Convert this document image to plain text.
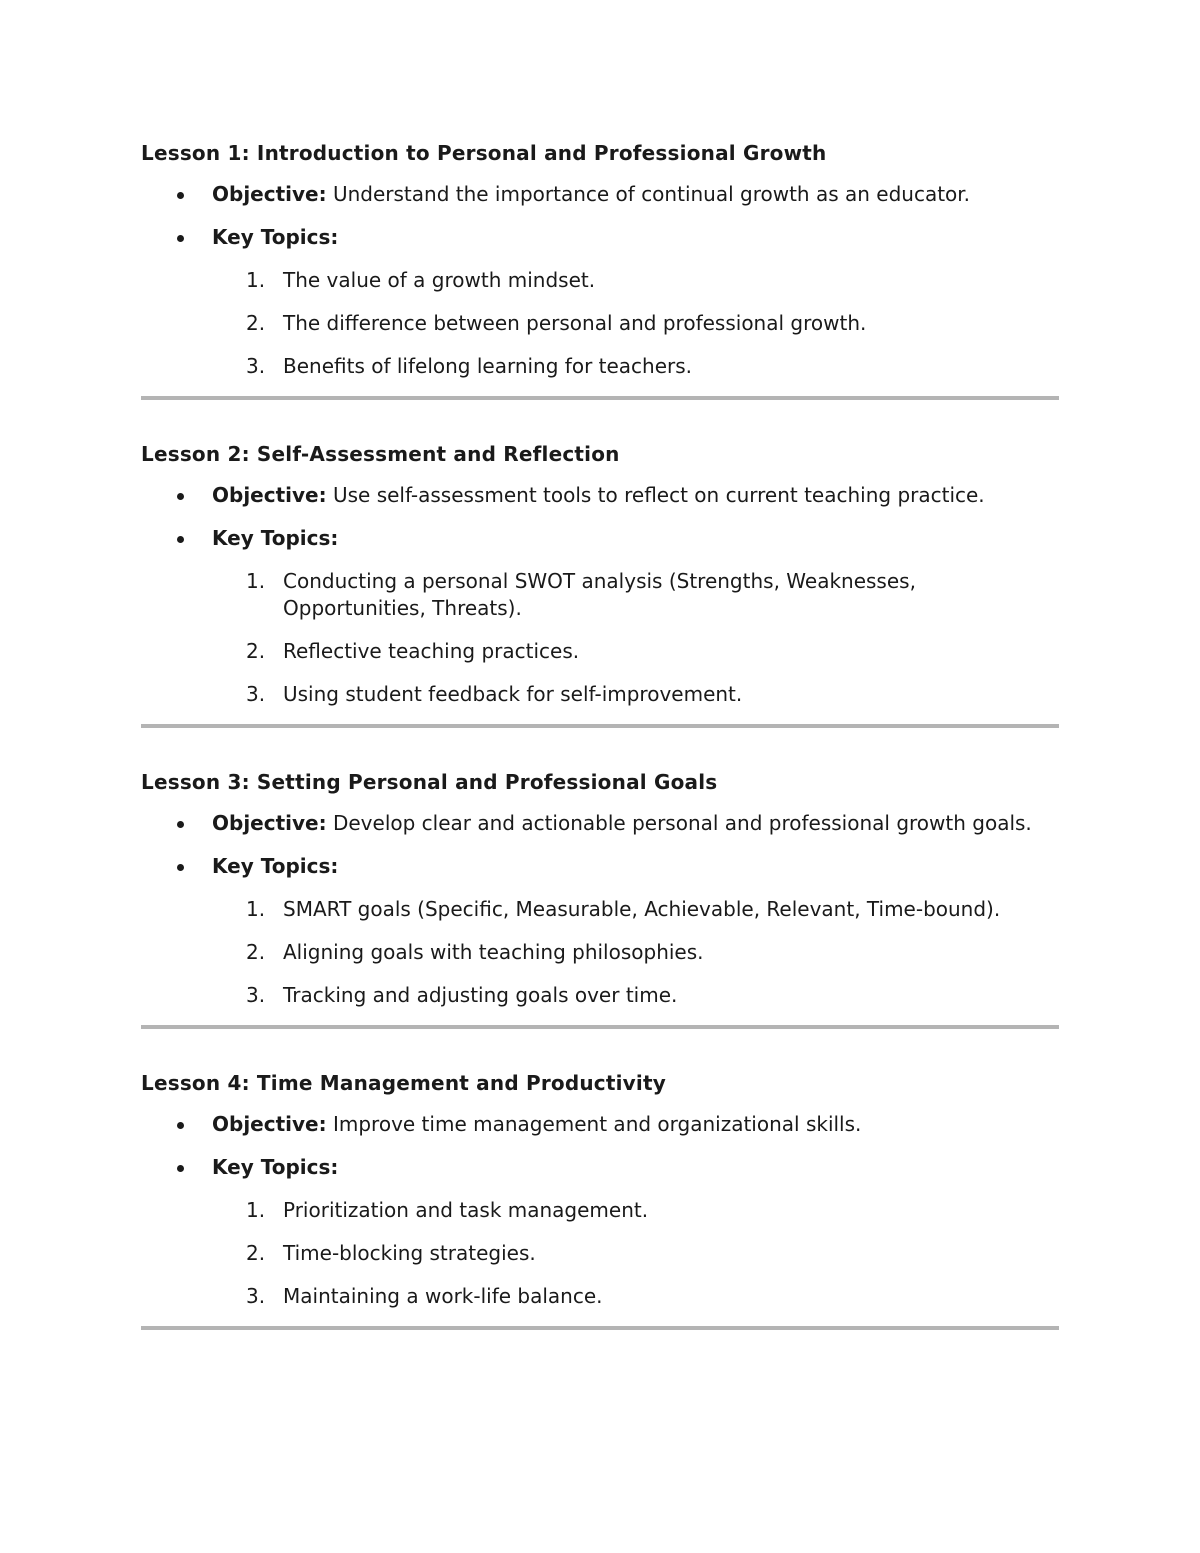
Lesson 1: Introduction to Personal and Professional Growth
Objective: Understand the importance of continual growth as an educator.
Key Topics:
1. The value of a growth mindset.
2. The difference between personal and professional growth.
3. Benefits of lifelong learning for teachers.
Lesson 2: Self-Assessment and Reflection
Objective: Use self-assessment tools to reflect on current teaching practice.
Key Topics:
1. Conducting a personal SWOT analysis (Strengths, Weaknesses, Opportunities, Threats).
2. Reflective teaching practices.
3. Using student feedback for self-improvement.
Lesson 3: Setting Personal and Professional Goals
Objective: Develop clear and actionable personal and professional growth goals.
Key Topics:
1. SMART goals (Specific, Measurable, Achievable, Relevant, Time-bound).
2. Aligning goals with teaching philosophies.
3. Tracking and adjusting goals over time.
Lesson 4: Time Management and Productivity
Objective: Improve time management and organizational skills.
Key Topics:
1. Prioritization and task management.
2. Time-blocking strategies.
3. Maintaining a work-life balance.
